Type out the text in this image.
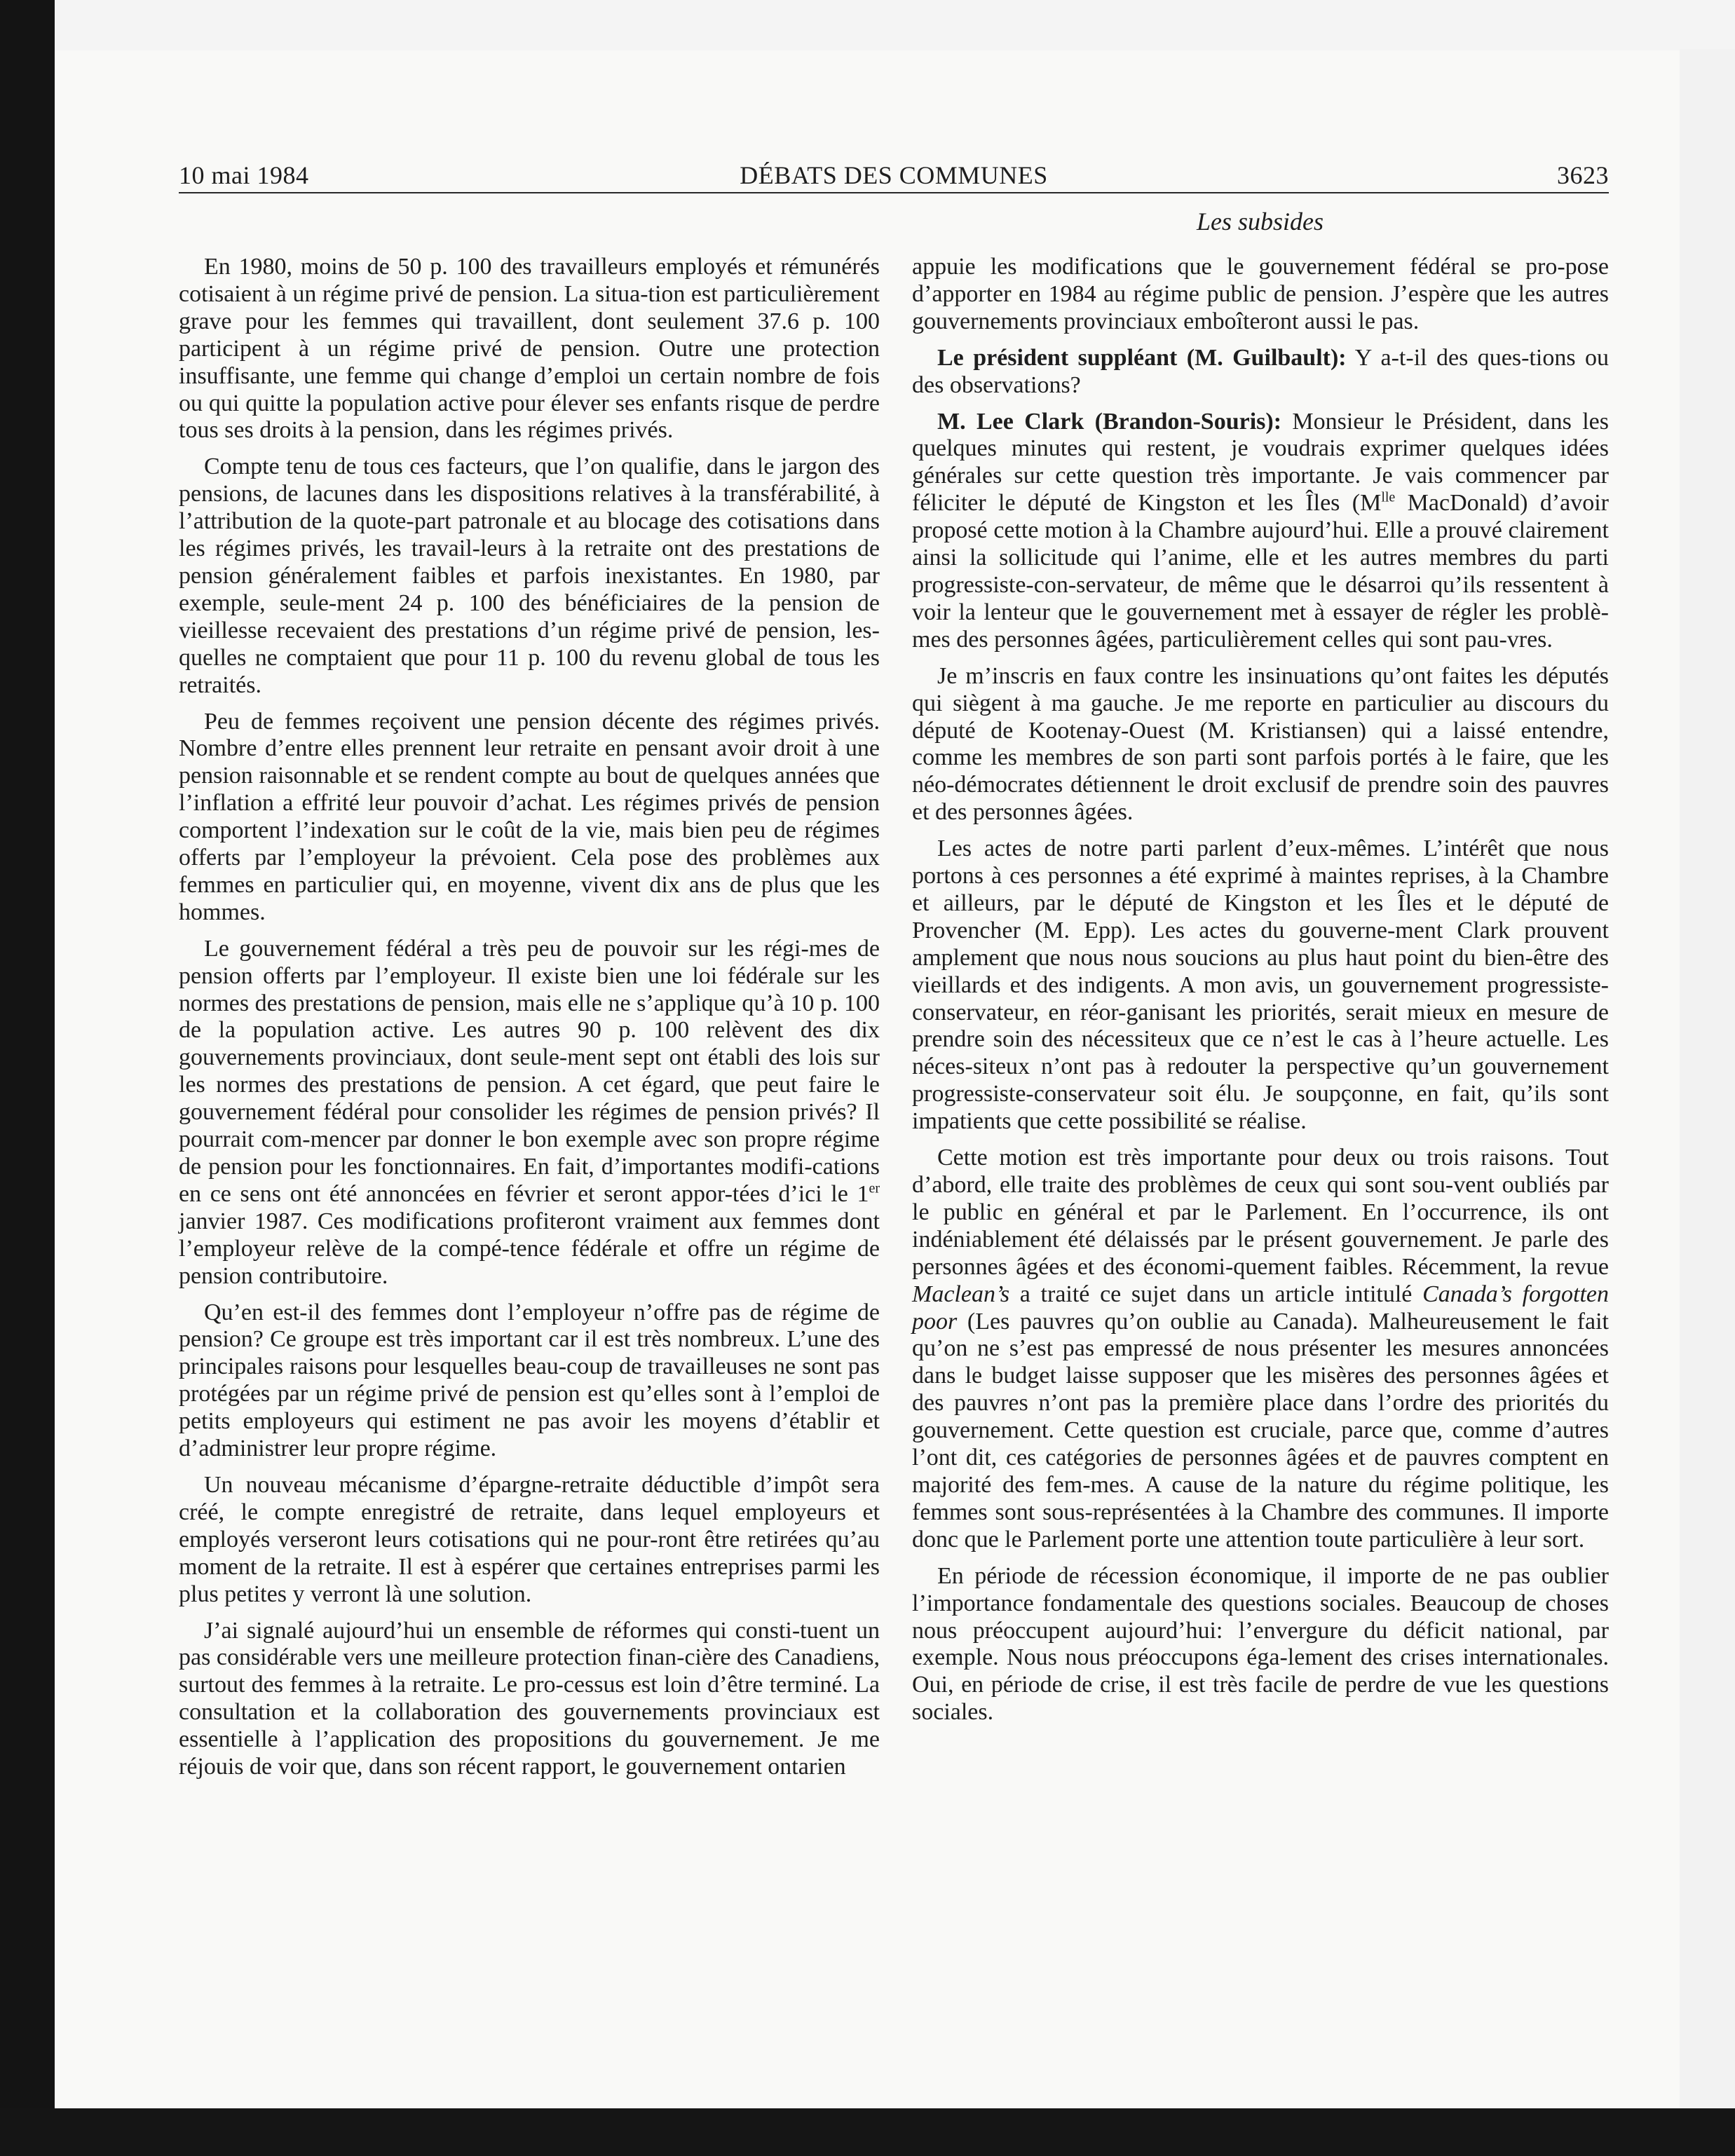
10 mai 1984	DÉBATS DES COMMUNES	3623
Les subsides

En 1980, moins de 50 p. 100 des travailleurs employés et rémunérés cotisaient à un régime privé de pension. La situa-tion est particulièrement grave pour les femmes qui travaillent, dont seulement 37.6 p. 100 participent à un régime privé de pension. Outre une protection insuffisante, une femme qui change d’emploi un certain nombre de fois ou qui quitte la population active pour élever ses enfants risque de perdre tous ses droits à la pension, dans les régimes privés.

Compte tenu de tous ces facteurs, que l’on qualifie, dans le jargon des pensions, de lacunes dans les dispositions relatives à la transférabilité, à l’attribution de la quote-part patronale et au blocage des cotisations dans les régimes privés, les travail-leurs à la retraite ont des prestations de pension généralement faibles et parfois inexistantes. En 1980, par exemple, seule-ment 24 p. 100 des bénéficiaires de la pension de vieillesse recevaient des prestations d’un régime privé de pension, les-quelles ne comptaient que pour 11 p. 100 du revenu global de tous les retraités.

Peu de femmes reçoivent une pension décente des régimes privés. Nombre d’entre elles prennent leur retraite en pensant avoir droit à une pension raisonnable et se rendent compte au bout de quelques années que l’inflation a effrité leur pouvoir d’achat. Les régimes privés de pension comportent l’indexation sur le coût de la vie, mais bien peu de régimes offerts par l’employeur la prévoient. Cela pose des problèmes aux femmes en particulier qui, en moyenne, vivent dix ans de plus que les hommes.

Le gouvernement fédéral a très peu de pouvoir sur les régi-mes de pension offerts par l’employeur. Il existe bien une loi fédérale sur les normes des prestations de pension, mais elle ne s’applique qu’à 10 p. 100 de la population active. Les autres 90 p. 100 relèvent des dix gouvernements provinciaux, dont seule-ment sept ont établi des lois sur les normes des prestations de pension. A cet égard, que peut faire le gouvernement fédéral pour consolider les régimes de pension privés? Il pourrait com-mencer par donner le bon exemple avec son propre régime de pension pour les fonctionnaires. En fait, d’importantes modifi-cations en ce sens ont été annoncées en février et seront appor-tées d’ici le 1er janvier 1987. Ces modifications profiteront vraiment aux femmes dont l’employeur relève de la compé-tence fédérale et offre un régime de pension contributoire.

Qu’en est-il des femmes dont l’employeur n’offre pas de régime de pension? Ce groupe est très important car il est très nombreux. L’une des principales raisons pour lesquelles beau-coup de travailleuses ne sont pas protégées par un régime privé de pension est qu’elles sont à l’emploi de petits employeurs qui estiment ne pas avoir les moyens d’établir et d’administrer leur propre régime.

Un nouveau mécanisme d’épargne-retraite déductible d’impôt sera créé, le compte enregistré de retraite, dans lequel employeurs et employés verseront leurs cotisations qui ne pour-ront être retirées qu’au moment de la retraite. Il est à espérer que certaines entreprises parmi les plus petites y verront là une solution.

J’ai signalé aujourd’hui un ensemble de réformes qui consti-tuent un pas considérable vers une meilleure protection finan-cière des Canadiens, surtout des femmes à la retraite. Le pro-cessus est loin d’être terminé. La consultation et la collaboration des gouvernements provinciaux est essentielle à l’application des propositions du gouvernement. Je me réjouis de voir que, dans son récent rapport, le gouvernement ontarien

appuie les modifications que le gouvernement fédéral se pro-pose d’apporter en 1984 au régime public de pension. J’espère que les autres gouvernements provinciaux emboîteront aussi le pas.

Le président suppléant (M. Guilbault): Y a-t-il des ques-tions ou des observations?

M. Lee Clark (Brandon-Souris): Monsieur le Président, dans les quelques minutes qui restent, je voudrais exprimer quelques idées générales sur cette question très importante. Je vais commencer par féliciter le député de Kingston et les Îles ($M^{lle}$ MacDonald) d’avoir proposé cette motion à la Chambre aujourd’hui. Elle a prouvé clairement ainsi la sollicitude qui l’anime, elle et les autres membres du parti progressiste-con-servateur, de même que le désarroi qu’ils ressentent à voir la lenteur que le gouvernement met à essayer de régler les problè-mes des personnes âgées, particulièrement celles qui sont pau-vres.

Je m’inscris en faux contre les insinuations qu’ont faites les députés qui siègent à ma gauche. Je me reporte en particulier au discours du député de Kootenay-Ouest (M. Kristiansen) qui a laissé entendre, comme les membres de son parti sont parfois portés à le faire, que les néo-démocrates détiennent le droit exclusif de prendre soin des pauvres et des personnes âgées.

Les actes de notre parti parlent d’eux-mêmes. L’intérêt que nous portons à ces personnes a été exprimé à maintes reprises, à la Chambre et ailleurs, par le député de Kingston et les Îles et le député de Provencher (M. Epp). Les actes du gouverne-ment Clark prouvent amplement que nous nous soucions au plus haut point du bien-être des vieillards et des indigents. A mon avis, un gouvernement progressiste-conservateur, en réor-ganisant les priorités, serait mieux en mesure de prendre soin des nécessiteux que ce n’est le cas à l’heure actuelle. Les néces-siteux n’ont pas à redouter la perspective qu’un gouvernement progressiste-conservateur soit élu. Je soupçonne, en fait, qu’ils sont impatients que cette possibilité se réalise.

Cette motion est très importante pour deux ou trois raisons. Tout d’abord, elle traite des problèmes de ceux qui sont sou-vent oubliés par le public en général et par le Parlement. En l’occurrence, ils ont indéniablement été délaissés par le présent gouvernement. Je parle des personnes âgées et des économi-quement faibles. Récemment, la revue Maclean’s a traité ce sujet dans un article intitulé Canada’s forgotten poor (Les pauvres qu’on oublie au Canada). Malheureusement le fait qu’on ne s’est pas empressé de nous présenter les mesures annoncées dans le budget laisse supposer que les misères des personnes âgées et des pauvres n’ont pas la première place dans l’ordre des priorités du gouvernement. Cette question est cruciale, parce que, comme d’autres l’ont dit, ces catégories de personnes âgées et de pauvres comptent en majorité des fem-mes. A cause de la nature du régime politique, les femmes sont sous-représentées à la Chambre des communes. Il importe donc que le Parlement porte une attention toute particulière à leur sort.

En période de récession économique, il importe de ne pas oublier l’importance fondamentale des questions sociales. Beaucoup de choses nous préoccupent aujourd’hui: l’envergure du déficit national, par exemple. Nous nous préoccupons éga-lement des crises internationales. Oui, en période de crise, il est très facile de perdre de vue les questions sociales.
